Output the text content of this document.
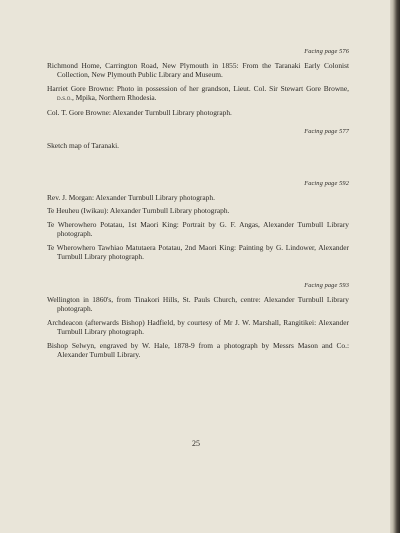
Facing page 576

Richmond Home, Carrington Road, New Plymouth in 1855: From the Taranaki Early Colonist Collection, New Plymouth Public Library and Museum.

Harriet Gore Browne: Photo in possession of her grandson, Lieut. Col. Sir Stewart Gore Browne, d.s.o., Mpika, Northern Rhodesia.

Col. T. Gore Browne: Alexander Turnbull Library photograph.

Facing page 577

Sketch map of Taranaki.

Facing page 592

Rev. J. Morgan: Alexander Turnbull Library photograph.

Te Heuheu (Iwikau): Alexander Turnbull Library photograph.

Te Wherowhero Potatau, 1st Maori King: Portrait by G. F. Angas, Alexander Turnbull Library photograph.

Te Wherowhero Tawhiao Matutaera Potatau, 2nd Maori King: Painting by G. Lindower, Alexander Turnbull Library photograph.

Facing page 593

Wellington in 1860's, from Tinakori Hills, St. Pauls Church, centre: Alexander Turnbull Library photograph.

Archdeacon (afterwards Bishop) Hadfield, by courtesy of Mr J. W. Marshall, Rangitikei: Alexander Turnbull Library photograph.

Bishop Selwyn, engraved by W. Hale, 1878-9 from a photograph by Messrs Mason and Co.: Alexander Turnbull Library.

25
